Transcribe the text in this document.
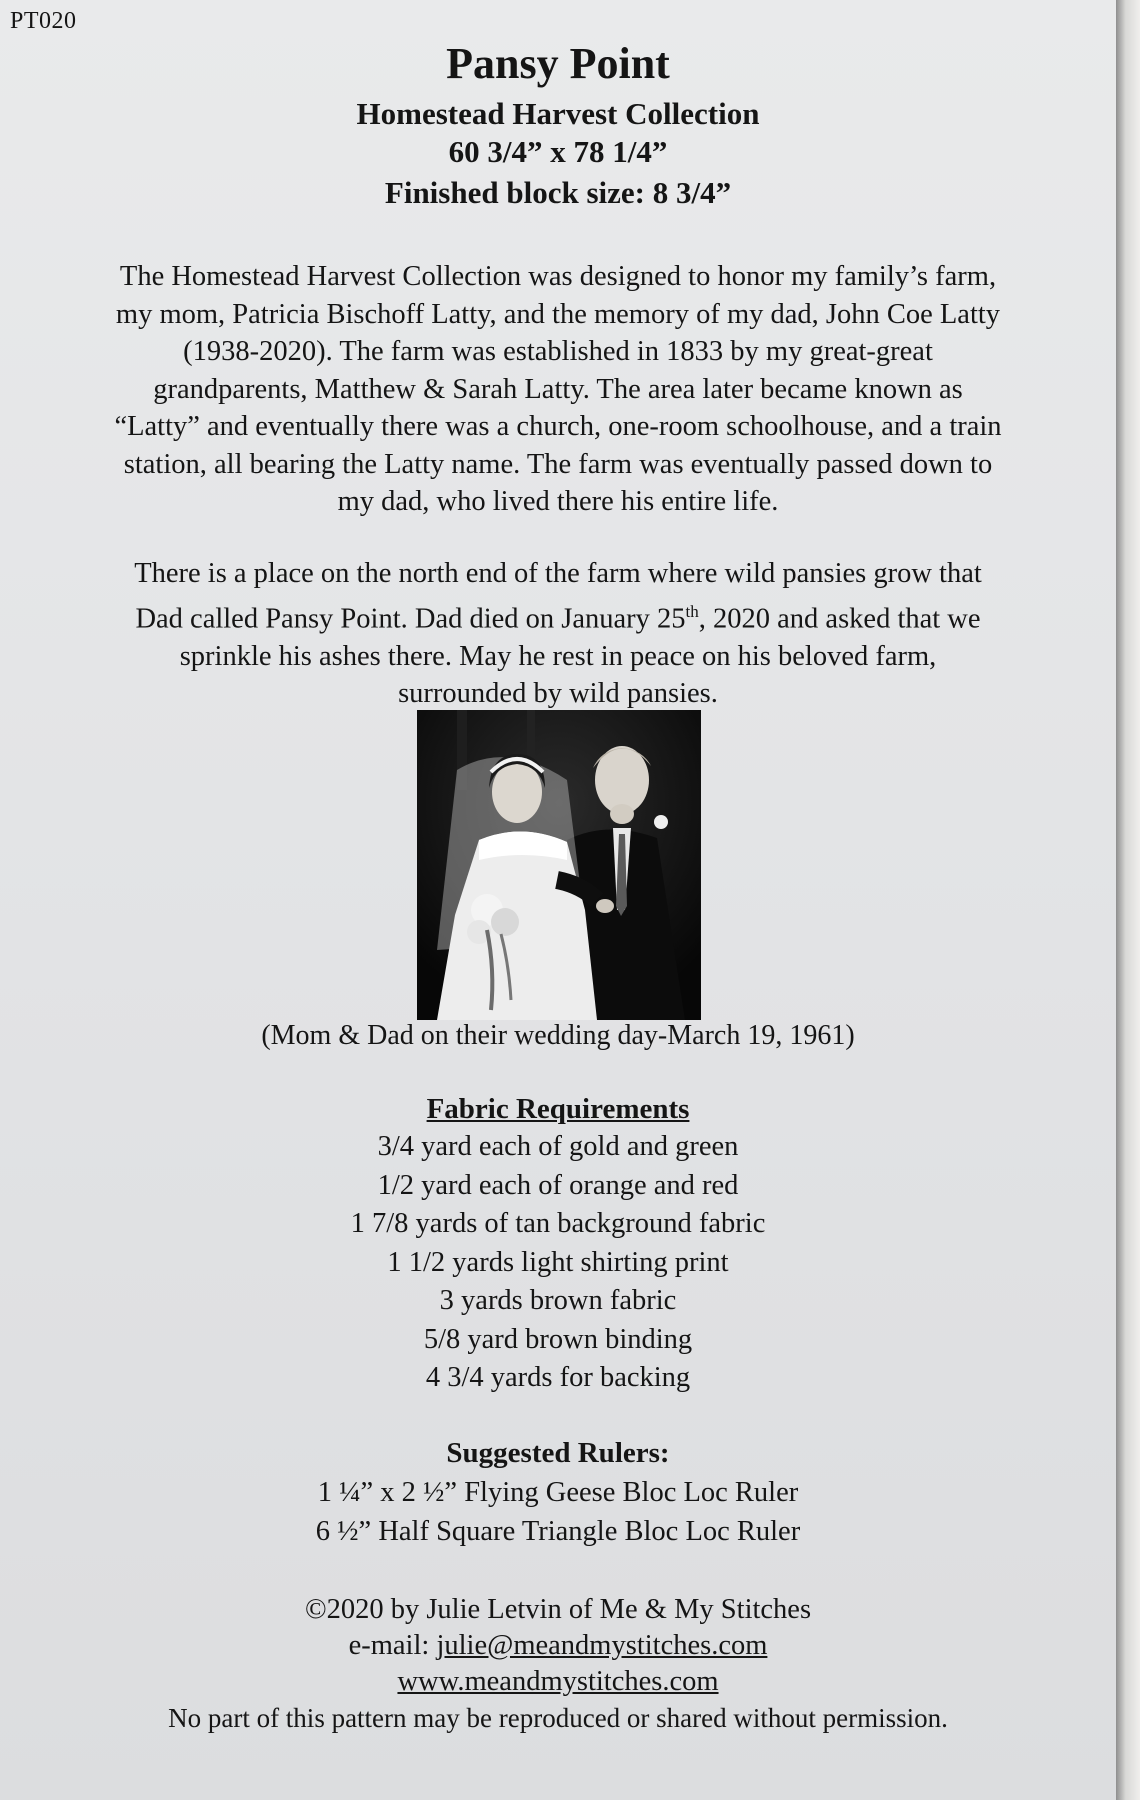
PT020
Pansy Point
Homestead Harvest Collection
60 3/4” x 78 1/4”
Finished block size: 8 3/4”
The Homestead Harvest Collection was designed to honor my family’s farm,
my mom, Patricia Bischoff Latty, and the memory of my dad, John Coe Latty
(1938-2020). The farm was established in 1833 by my great-great
grandparents, Matthew & Sarah Latty. The area later became known as
“Latty” and eventually there was a church, one-room schoolhouse, and a train
station, all bearing the Latty name. The farm was eventually passed down to
my dad, who lived there his entire life.
There is a place on the north end of the farm where wild pansies grow that
Dad called Pansy Point. Dad died on January 25th, 2020 and asked that we
sprinkle his ashes there. May he rest in peace on his beloved farm,
surrounded by wild pansies.
(Mom & Dad on their wedding day-March 19, 1961)
Fabric Requirements
3/4 yard each of gold and green
1/2 yard each of orange and red
1 7/8 yards of tan background fabric
1 1/2 yards light shirting print
3 yards brown fabric
5/8 yard brown binding
4 3/4 yards for backing
Suggested Rulers:
1 ¼” x 2 ½” Flying Geese Bloc Loc Ruler
6 ½” Half Square Triangle Bloc Loc Ruler
©2020 by Julie Letvin of Me & My Stitches
e-mail: julie@meandmystitches.com
www.meandmystitches.com
No part of this pattern may be reproduced or shared without permission.
